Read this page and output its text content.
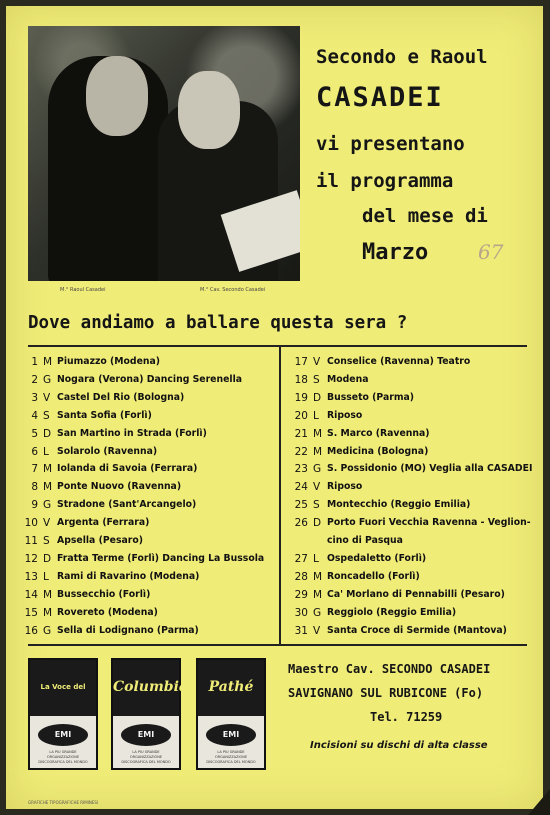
M.° Raoul Casadei	M.° Cav. Secondo Casadei
Secondo e Raoul
CASADEI
vi presentano
il programma
del mese di
Marzo 67
Dove andiamo a ballare questa sera ?
1 M Piumazzo (Modena)
2 G Nogara (Verona) Dancing Serenella
3 V Castel Del Rio (Bologna)
4 S Santa Sofia (Forlì)
5 D San Martino in Strada (Forlì)
6 L Solarolo (Ravenna)
7 M Iolanda di Savoia (Ferrara)
8 M Ponte Nuovo (Ravenna)
9 G Stradone (Sant'Arcangelo)
10 V Argenta (Ferrara)
11 S Apsella (Pesaro)
12 D Fratta Terme (Forlì) Dancing La Bussola
13 L Rami di Ravarino (Modena)
14 M Bussecchio (Forlì)
15 M Rovereto (Modena)
16 G Sella di Lodignano (Parma)
17 V Conselice (Ravenna) Teatro
18 S Modena
19 D Busseto (Parma)
20 L Riposo
21 M S. Marco (Ravenna)
22 M Medicina (Bologna)
23 G S. Possidonio (MO) Veglia alla CASADEI
24 V Riposo
25 S Montecchio (Reggio Emilia)
26 D Porto Fuori Vecchia Ravenna - Veglion-
cino di Pasqua
27 L Ospedaletto (Forlì)
28 M Roncadello (Forlì)
29 M Ca' Morlano di Pennabilli (Pesaro)
30 G Reggiolo (Reggio Emilia)
31 V Santa Croce di Sermide (Mantova)
La Voce del
EMI
LA PIU GRANDE ORGANIZZAZIONE DISCOGRAFICA DEL MONDO
Columbia
EMI
LA PIU GRANDE ORGANIZZAZIONE DISCOGRAFICA DEL MONDO
Pathé
EMI
LA PIU GRANDE ORGANIZZAZIONE DISCOGRAFICA DEL MONDO
Maestro Cav. SECONDO CASADEI
SAVIGNANO SUL RUBICONE (Fo)
Tel. 71259
Incisioni su dischi di alta classe
GRAFICHE TIPOGRAFICHE RIMINESI
